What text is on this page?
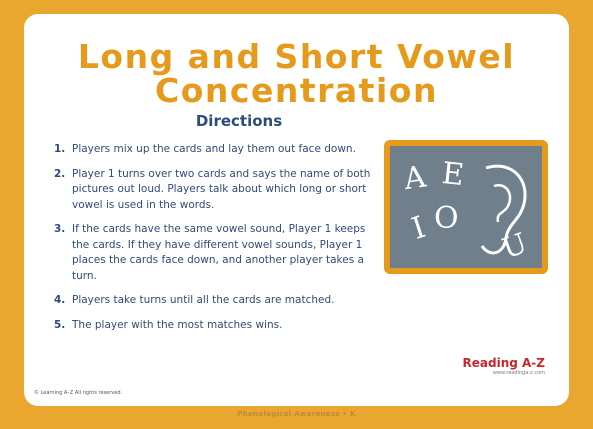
Long and Short Vowel
Concentration
Directions
1. Players mix up the cards and lay them out face down.
2. Player 1 turns over two cards and says the name of both pictures out loud. Players talk about which long or short vowel is used in the words.
3. If the cards have the same vowel sound, Player 1 keeps the cards. If they have different vowel sounds, Player 1 places the cards face down, and another player takes a turn.
4. Players take turns until all the cards are matched.
5. The player with the most matches wins.
A E
I O
U
© Learning A–Z All rights reserved.
Reading A-Z
www.readinga-z.com
Phonological Awareness • K
☺ 企鹅妈妈俱乐部
